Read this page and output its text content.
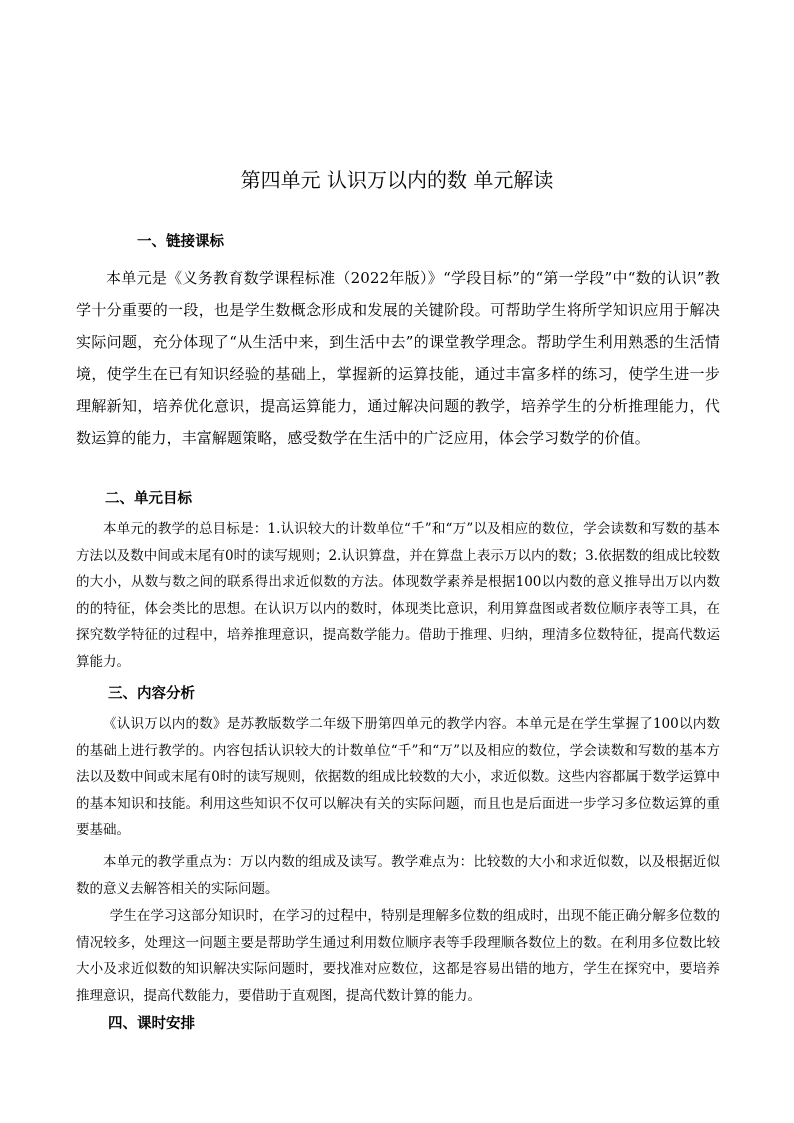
第四单元 认识万以内的数 单元解读
一、链接课标

本单元是《义务教育数学课程标准（2022年版）》“学段目标”的“第一学段”中“数的认识”教学十分重要的一段，也是学生数概念形成和发展的关键阶段。可帮助学生将所学知识应用于解决实际问题，充分体现了“从生活中来，到生活中去”的课堂教学理念。帮助学生利用熟悉的生活情境，使学生在已有知识经验的基础上，掌握新的运算技能，通过丰富多样的练习，使学生进一步理解新知，培养优化意识，提高运算能力，通过解决问题的教学，培养学生的分析推理能力，代数运算的能力，丰富解题策略，感受数学在生活中的广泛应用，体会学习数学的价值。

二、单元目标

本单元的教学的总目标是：1.认识较大的计数单位“千”和“万”以及相应的数位，学会读数和写数的基本方法以及数中间或末尾有0时的读写规则；2.认识算盘，并在算盘上表示万以内的数；3.依据数的组成比较数的大小，从数与数之间的联系得出求近似数的方法。体现数学素养是根据100以内数的意义推导出万以内数的的特征，体会类比的思想。在认识万以内的数时，体现类比意识，利用算盘图或者数位顺序表等工具，在探究数学特征的过程中，培养推理意识，提高数学能力。借助于推理、归纳，理清多位数特征，提高代数运算能力。

三、内容分析

《认识万以内的数》是苏教版数学二年级下册第四单元的教学内容。本单元是在学生掌握了100以内数的基础上进行教学的。内容包括认识较大的计数单位“千”和“万”以及相应的数位，学会读数和写数的基本方法以及数中间或末尾有0时的读写规则，依据数的组成比较数的大小，求近似数。这些内容都属于数学运算中的基本知识和技能。利用这些知识不仅可以解决有关的实际问题，而且也是后面进一步学习多位数运算的重要基础。

本单元的教学重点为：万以内数的组成及读写。教学难点为：比较数的大小和求近似数，以及根据近似数的意义去解答相关的实际问题。

学生在学习这部分知识时，在学习的过程中，特别是理解多位数的组成时，出现不能正确分解多位数的情况较多，处理这一问题主要是帮助学生通过利用数位顺序表等手段理顺各数位上的数。在利用多位数比较大小及求近似数的知识解决实际问题时，要找准对应数位，这都是容易出错的地方，学生在探究中，要培养推理意识，提高代数能力，要借助于直观图，提高代数计算的能力。

四、课时安排
